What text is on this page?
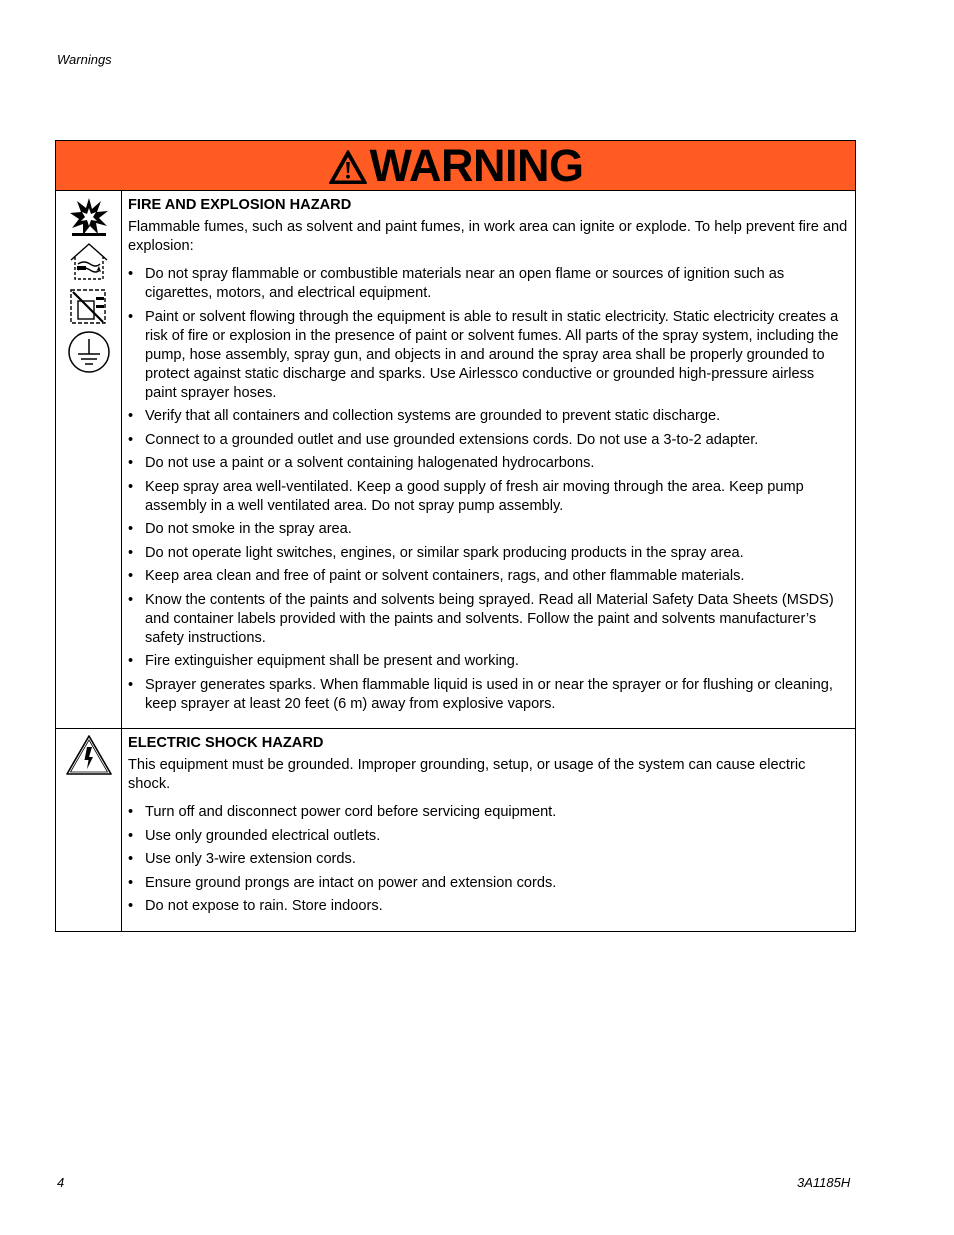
Warnings
WARNING
FIRE AND EXPLOSION HAZARD
Flammable fumes, such as solvent and paint fumes, in work area can ignite or explode. To help prevent fire and explosion:
• Do not spray flammable or combustible materials near an open flame or sources of ignition such as cigarettes, motors, and electrical equipment.
• Paint or solvent flowing through the equipment is able to result in static electricity. Static electricity creates a risk of fire or explosion in the presence of paint or solvent fumes. All parts of the spray system, including the pump, hose assembly, spray gun, and objects in and around the spray area shall be properly grounded to protect against static discharge and sparks. Use Airlessco conductive or grounded high-pressure airless paint sprayer hoses.
• Verify that all containers and collection systems are grounded to prevent static discharge.
• Connect to a grounded outlet and use grounded extensions cords. Do not use a 3-to-2 adapter.
• Do not use a paint or a solvent containing halogenated hydrocarbons.
• Keep spray area well-ventilated. Keep a good supply of fresh air moving through the area. Keep pump assembly in a well ventilated area. Do not spray pump assembly.
• Do not smoke in the spray area.
• Do not operate light switches, engines, or similar spark producing products in the spray area.
• Keep area clean and free of paint or solvent containers, rags, and other flammable materials.
• Know the contents of the paints and solvents being sprayed. Read all Material Safety Data Sheets (MSDS) and container labels provided with the paints and solvents. Follow the paint and solvents manufacturer’s safety instructions.
• Fire extinguisher equipment shall be present and working.
• Sprayer generates sparks. When flammable liquid is used in or near the sprayer or for flushing or cleaning, keep sprayer at least 20 feet (6 m) away from explosive vapors.
ELECTRIC SHOCK HAZARD
This equipment must be grounded. Improper grounding, setup, or usage of the system can cause electric shock.
• Turn off and disconnect power cord before servicing equipment.
• Use only grounded electrical outlets.
• Use only 3-wire extension cords.
• Ensure ground prongs are intact on power and extension cords.
• Do not expose to rain. Store indoors.
4	3A1185H
